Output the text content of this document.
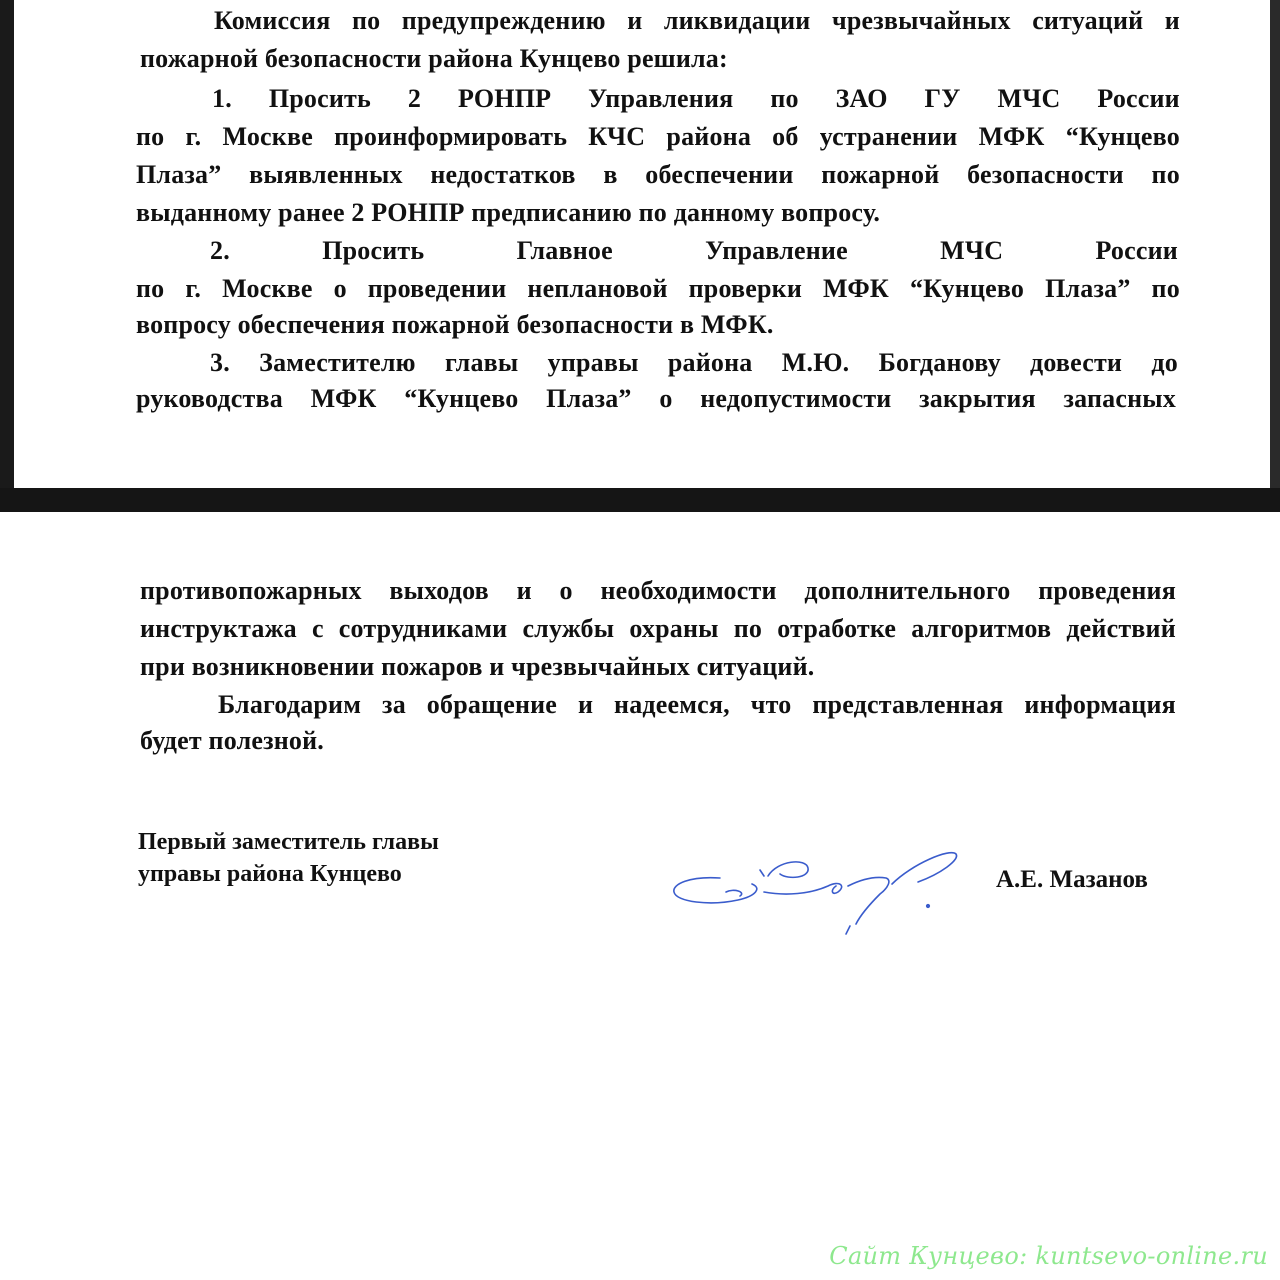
Комиссия по предупреждению и ликвидации чрезвычайных ситуаций и
пожарной безопасности района Кунцево решила:
1. Просить 2 РОНПР Управления по ЗАО ГУ МЧС России
по г. Москве проинформировать КЧС района об устранении МФК “Кунцево
Плаза” выявленных недостатков в обеспечении пожарной безопасности по
выданному ранее 2 РОНПР предписанию по данному вопросу.
2.	Просить	Главное	Управление	МЧС	России
по г. Москве о проведении неплановой проверки МФК “Кунцево Плаза” по
вопросу обеспечения пожарной безопасности в МФК.
3. Заместителю главы управы района М.Ю. Богданову довести до
руководства МФК “Кунцево Плаза” о недопустимости закрытия запасных
противопожарных выходов и о необходимости дополнительного проведения
инструктажа с сотрудниками службы охраны по отработке алгоритмов действий
при возникновении пожаров и чрезвычайных ситуаций.
Благодарим за обращение и надеемся, что представленная информация
будет полезной.
Первый заместитель главы
управы района Кунцево	А.Е. Мазанов
Сайт Кунцево: kuntsevo-online.ru
